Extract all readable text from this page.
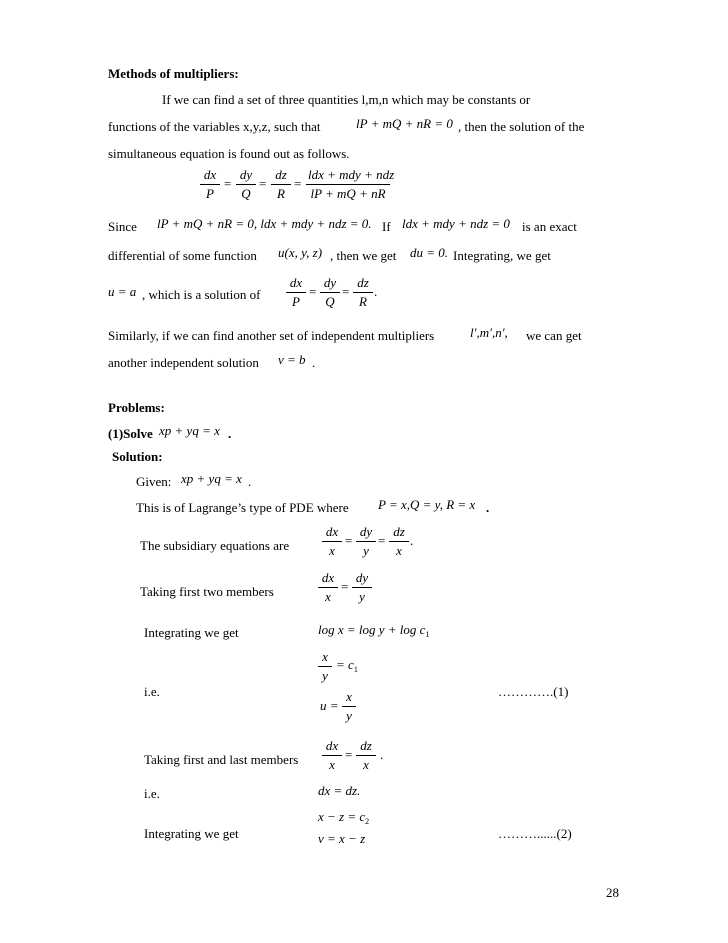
Methods of multipliers:
If we can find a set of three quantities l,m,n which may be constants or
functions of the variables x,y,z, such that	lP + mQ + nR = 0 , then the solution of the
simultaneous equation is found out as follows.
$\frac{dx}{P} = \frac{dy}{Q} = \frac{dz}{R}$ =
ldx + mdy + ndz
lP + mQ + nR
Since lP + mQ + nR = 0, ldx + mdy + ndz = 0. If ldx + mdy + ndz = 0 is an exact
differential of some function u(x, y, z) , then we get du = 0. Integrating, we get
u = a , which is a solution of $\frac{dx}{P} = \frac{dy}{Q} = \frac{dz}{R}$ .
Similarly, if we can find another set of independent multipliers	l′,m′,n′, we can get
another independent solution v = b .
Problems:
(1)Solve xp + yq = x .
Solution:
Given: xp + yq = x .
This is of Lagrange’s type of PDE where P = x,Q = y, R = x .
The subsidiary equations are	$\frac{dx}{x} = \frac{dy}{y} = \frac{dz}{x}$ .
Taking first two members	$\frac{dx}{x} = \frac{dy}{y}$
Integrating we get	$\log x = \log y + \log c_1$
i.e.
$\frac{x}{y} = c_1$
$u = \frac{x}{y}$	………….(1)
Taking first and last members $\frac{dx}{x} = \frac{dz}{x}$ .
i.e.	dx = dz.
Integrating we get
$x - z = c_2$
v = x − z	………......(2)
28
